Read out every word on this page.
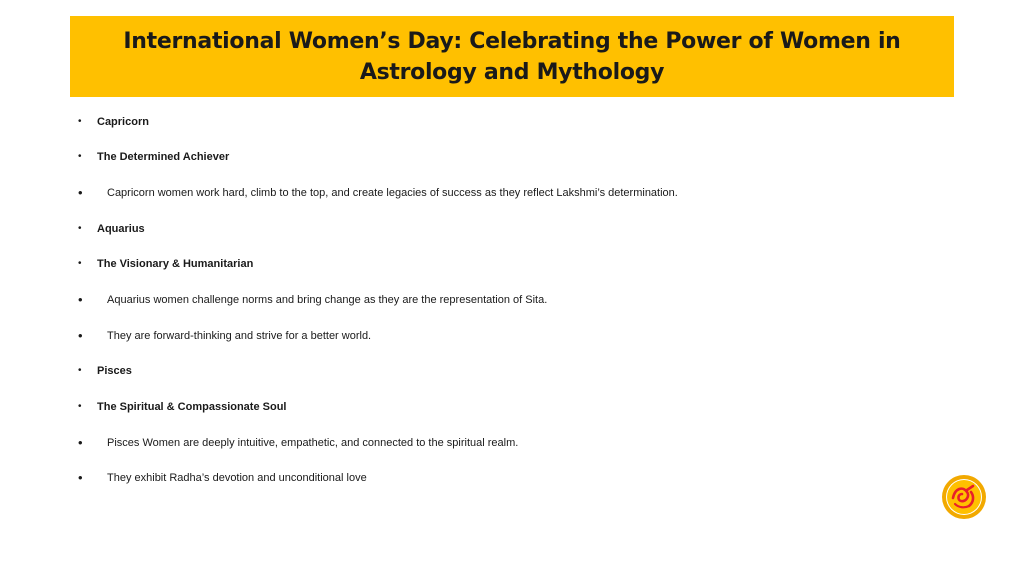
International Women’s Day: Celebrating the Power of Women in Astrology and Mythology
• Capricorn
• The Determined Achiever
• Capricorn women work hard, climb to the top, and create legacies of success as they reflect Lakshmi’s determination.
• Aquarius
• The Visionary & Humanitarian
• Aquarius women challenge norms and bring change as they are the representation of Sita.
• They are forward-thinking and strive for a better world.
• Pisces
• The Spiritual & Compassionate Soul
• Pisces Women are deeply intuitive, empathetic, and connected to the spiritual realm.
• They exhibit Radha’s devotion and unconditional love
